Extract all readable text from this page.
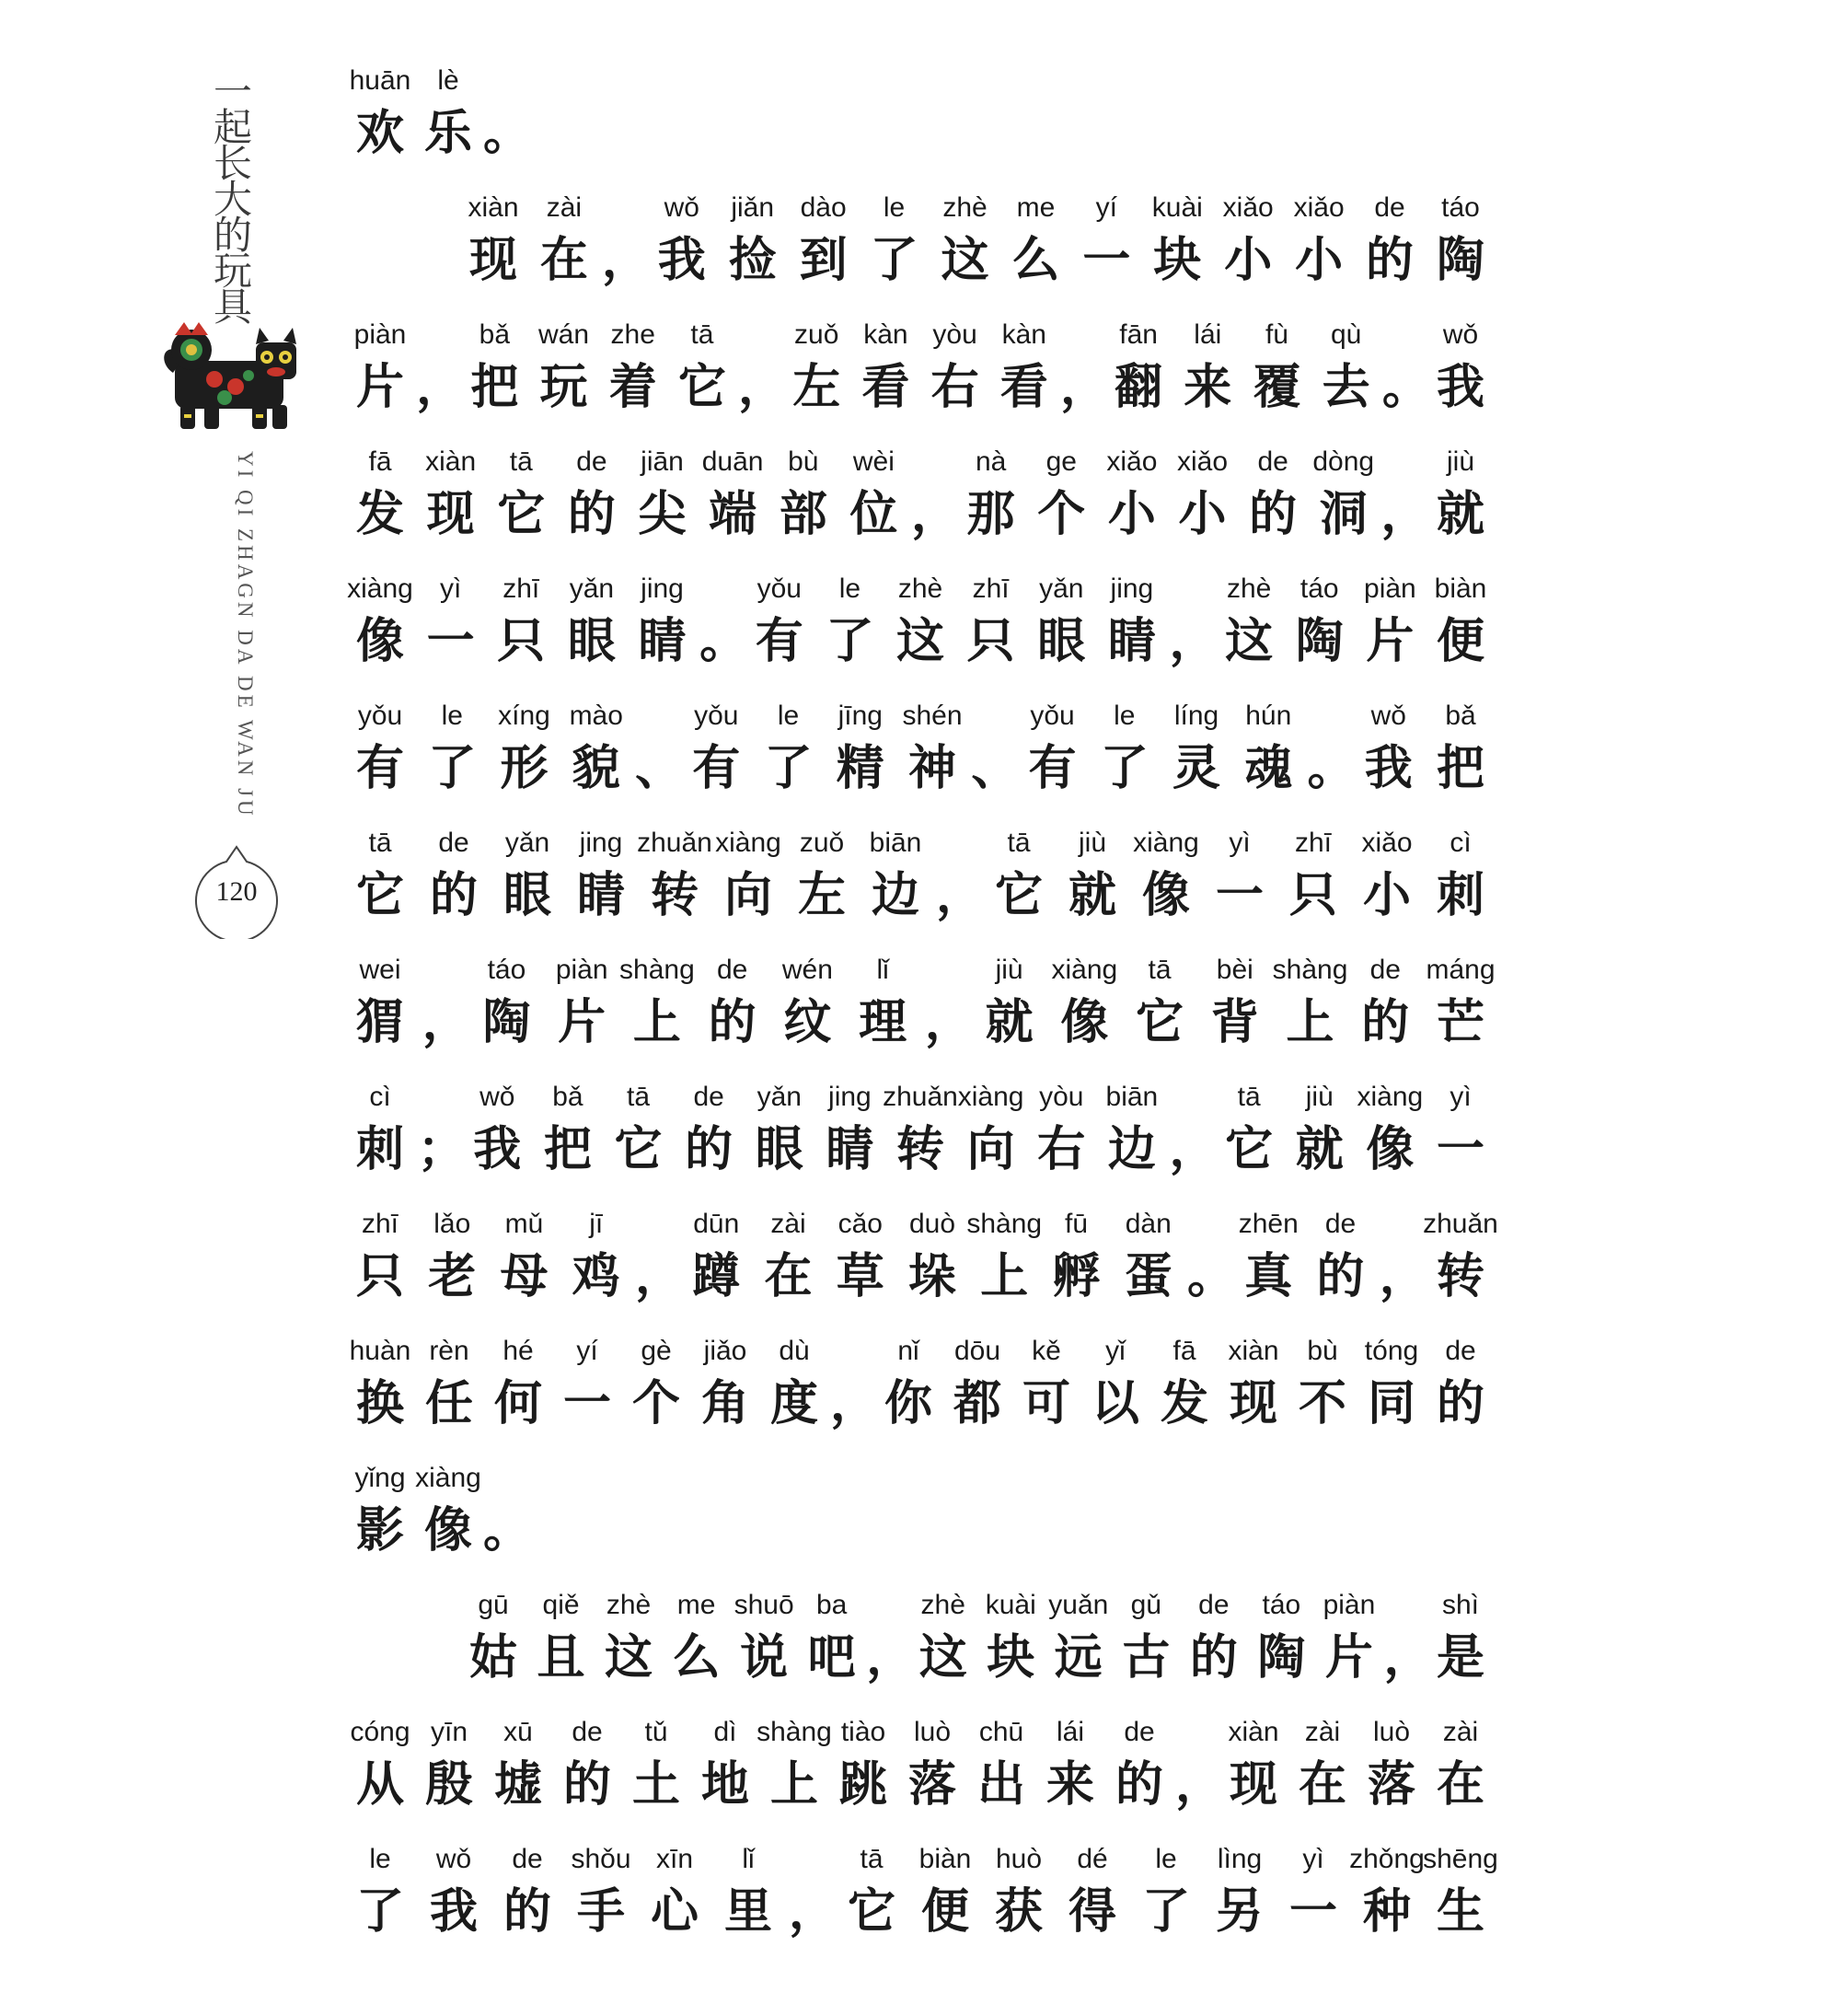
一起长大的玩具
YI QI ZHAGN DA DE WAN JU
120
huān lè
欢 乐 。
xiàn zài	wǒ jiǎn dào le zhè me yí kuài xiǎo xiǎo de táo
现 在 ， 我 捡 到 了 这 么 一 块 小 小 的 陶
piàn	bǎ wán zhe tā	zuǒ kàn yòu kàn	fān lái fù qù	wǒ
片 ， 把 玩 着 它 ， 左 看 右 看 ， 翻 来 覆 去 。 我
fā xiàn tā de jiān duān bù wèi	nà ge xiǎo xiǎo de dòng	jiù
发 现 它 的 尖 端 部 位 ， 那 个 小 小 的 洞 ， 就
xiàng yì zhī yǎn jing	yǒu le zhè zhī yǎn jing	zhè táo piàn biàn
像 一 只 眼 睛 。 有 了 这 只 眼 睛 ， 这 陶 片 便
yǒu le xíng mào	yǒu le jīng shén yǒu le líng hún	wǒ bǎ
有 了 形 貌 、 有 了 精 神 、 有 了 灵 魂 。 我 把
tā de yǎn jing zhuǎn xiàng zuǒ biān	tā jiù xiàng yì zhī xiǎo cì
它 的 眼 睛 转 向 左 边 ， 它 就 像 一 只 小 刺
wei	táo piàn shàng de wén lǐ	jiù xiàng tā bèi shàng de máng
猬 ， 陶 片 上 的 纹 理 ， 就 像 它 背 上 的 芒
cì	wǒ bǎ tā de yǎn jing zhuǎn xiàng yòu biān	tā jiù xiàng yì
刺 ； 我 把 它 的 眼 睛 转 向 右 边 ， 它 就 像 一
zhī lǎo mǔ jī	dūn zài cǎo duò shàng fū dàn zhēn de zhuǎn
只 老 母 鸡 ， 蹲 在 草 垛 上 孵 蛋 。 真 的 ， 转
huàn rèn hé yí gè jiǎo dù	nǐ dōu kě yǐ fā xiàn bù tóng de
换 任 何 一 个 角 度 ， 你 都 可 以 发 现 不 同 的
yǐng xiàng
影 像 。
gū qiě zhè me shuō ba	zhè kuài yuǎn gǔ de táo piàn shì
姑 且 这 么 说 吧 ， 这 块 远 古 的 陶 片 ， 是
cóng yīn xū de tǔ dì shàng tiào luò chū lái de	xiàn zài luò zài
从 殷 墟 的 土 地 上 跳 落 出 来 的 ， 现 在 落 在
le wǒ de shǒu xīn lǐ	tā biàn huò dé le lìng yì zhǒng
shēng
了 我 的 手 心 里 ， 它 便 获 得 了 另 一 种 生
